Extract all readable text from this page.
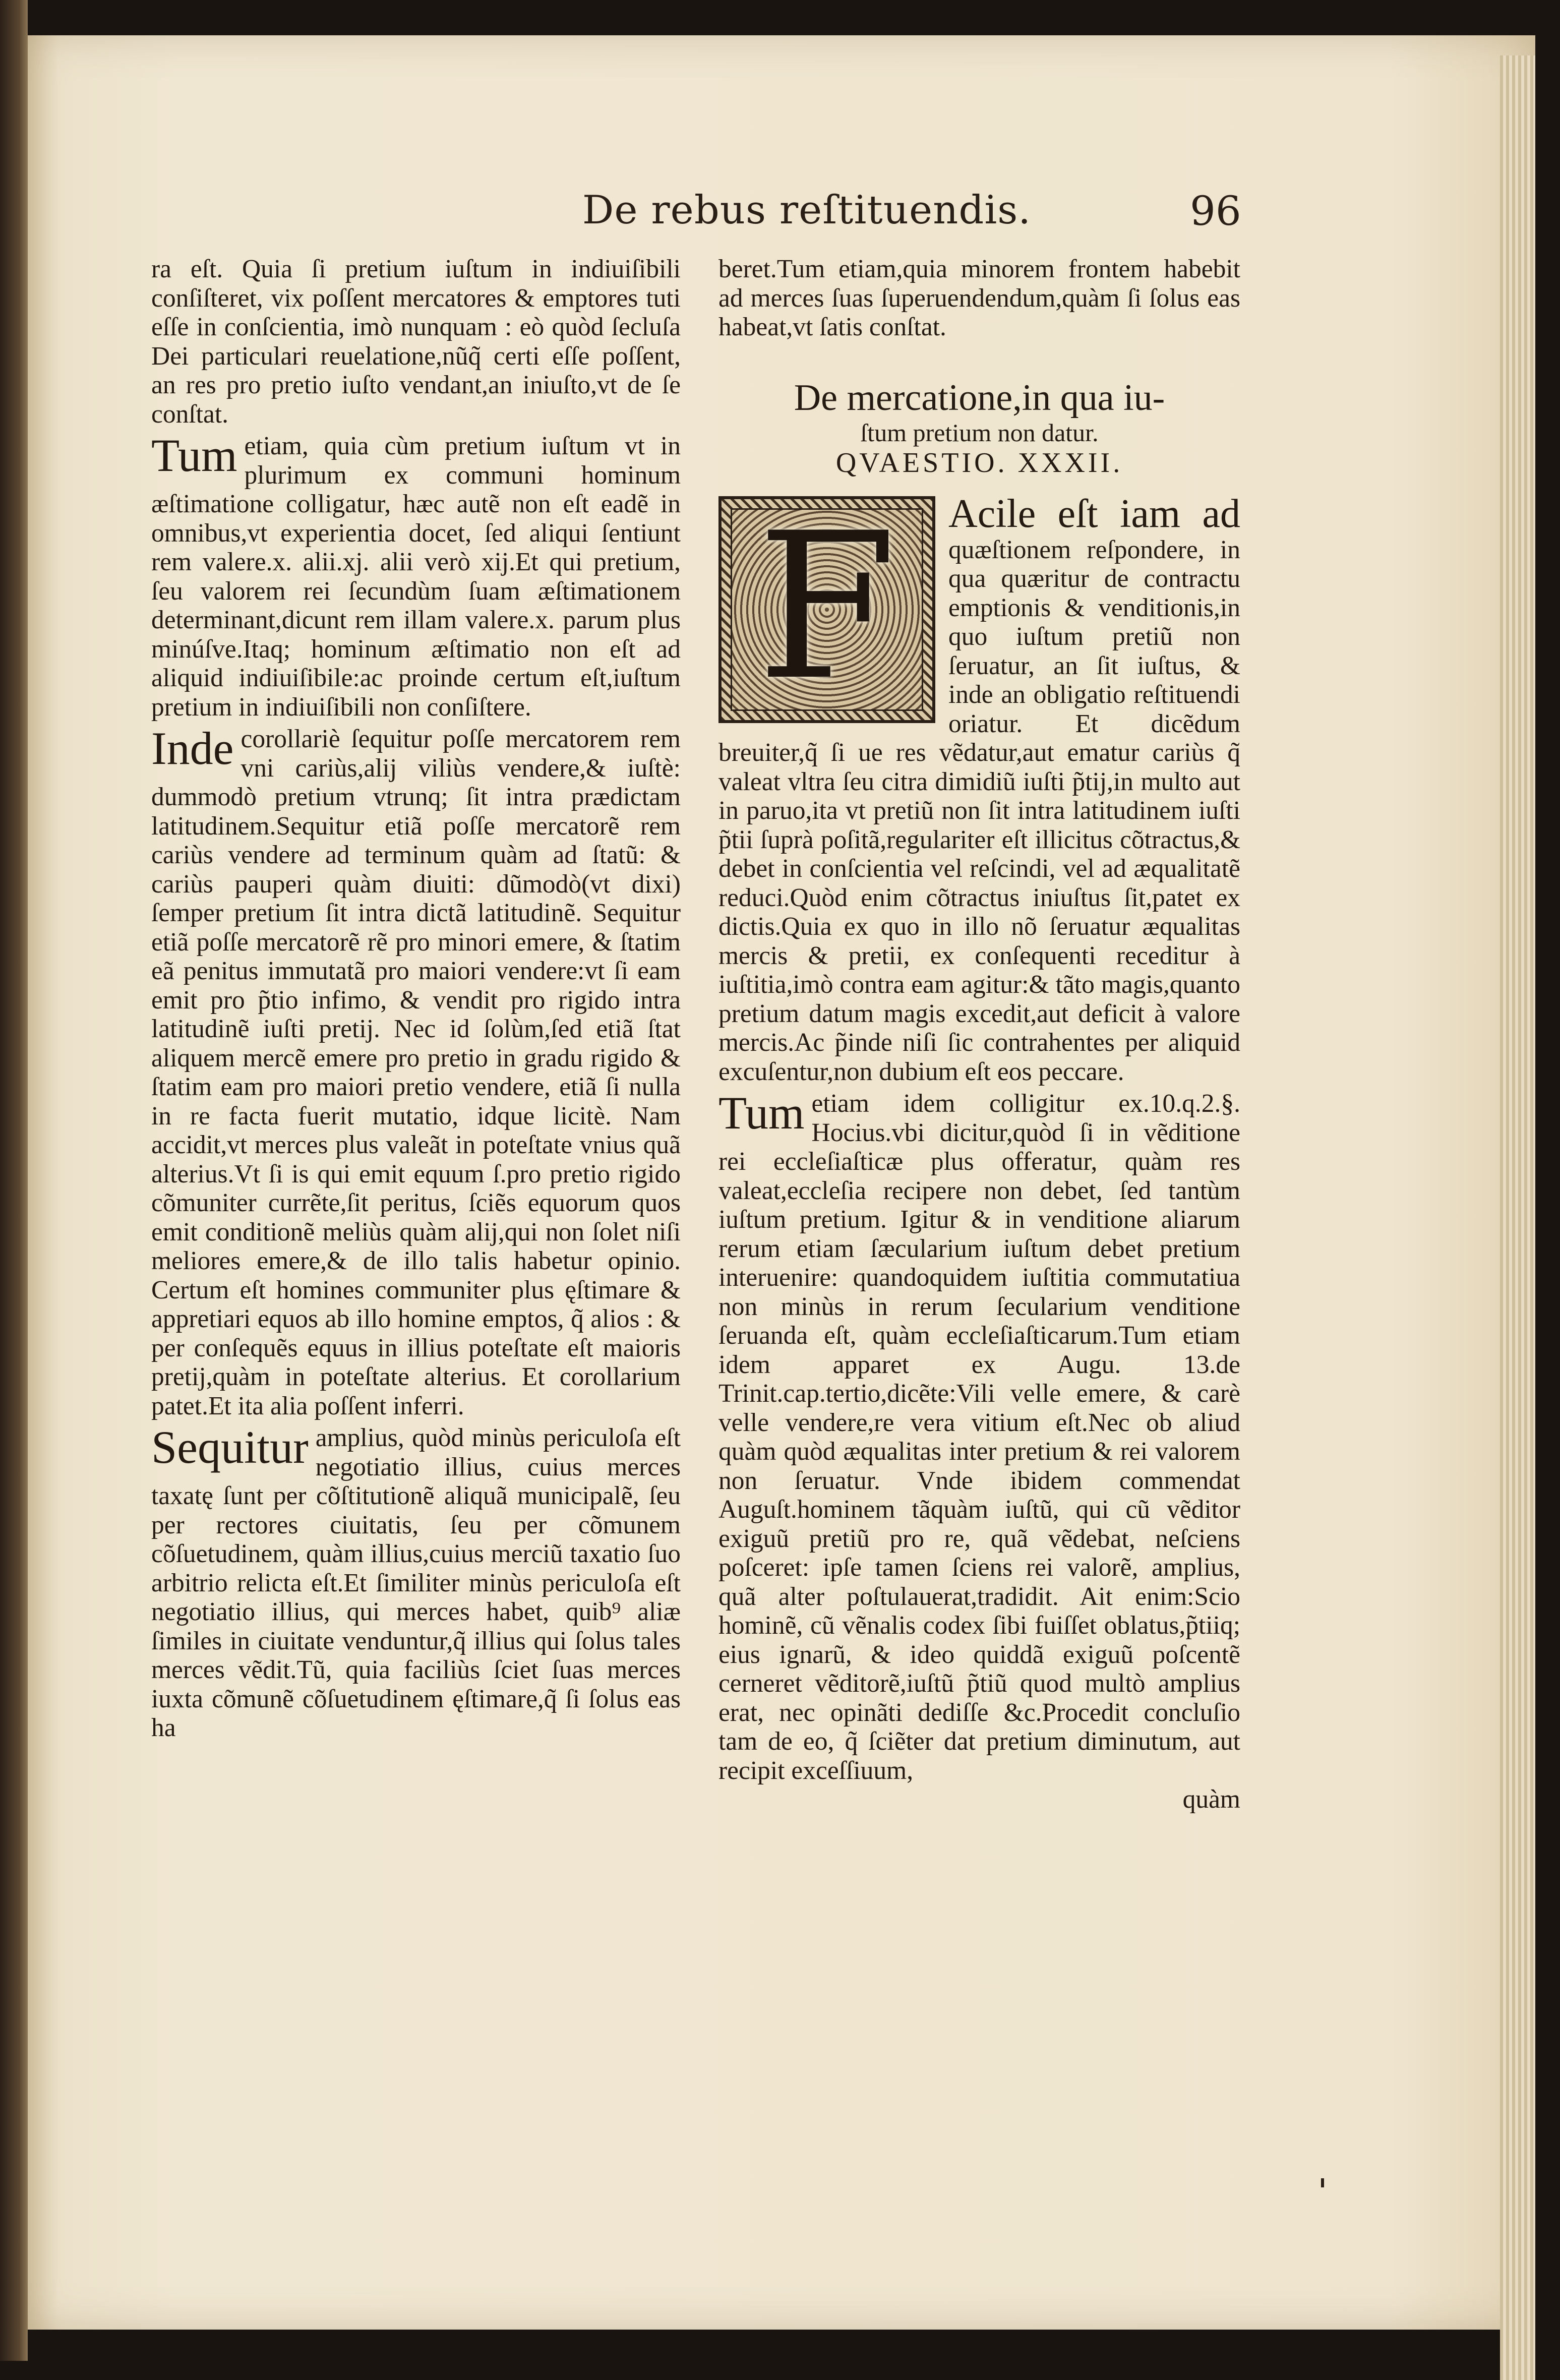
De rebus reſtituendis.	96

ra eſt. Quia ſi pretium iuſtum in indiuiſibili conſiſteret, vix poſſent mercatores & emptores tuti eſſe in conſcientia, imò nunquam : eò quòd ſecluſa Dei particulari reuelatione,nũq̃ certi eſſe poſſent, an res pro pretio iuſto vendant,an iniuſto,vt de ſe conſtat.

Tum etiam, quia cùm pretium iuſtum vt in plurimum ex communi hominum æſtimatione colligatur, hæc autẽ non eſt eadẽ in omnibus,vt experientia docet, ſed aliqui ſentiunt rem valere.x. alii.xj. alii verò xij.Et qui pretium, ſeu valorem rei ſecundùm ſuam æſtimationem determinant,dicunt rem illam valere.x. parum plus minúſve.Itaq; hominum æſtimatio non eſt ad aliquid indiuiſibile:ac proinde certum eſt,iuſtum pretium in indiuiſibili non conſiſtere.

Inde corollariè ſequitur poſſe mercatorem rem vni cariùs,alij viliùs vendere,& iuſtè: dummodò pretium vtrunq; ſit intra prædictam latitudinem.Sequitur etiã poſſe mercatorẽ rem cariùs vendere ad terminum quàm ad ſtatũ: & cariùs pauperi quàm diuiti: dũmodò(vt dixi) ſemper pretium ſit intra dictã latitudinẽ. Sequitur etiã poſſe mercatorẽ rẽ pro minori emere, & ſtatim eã penitus immutatã pro maiori vendere:vt ſi eam emit pro p̃tio infimo, & vendit pro rigido intra latitudinẽ iuſti pretij. Nec id ſolùm,ſed etiã ſtat aliquem mercẽ emere pro pretio in gradu rigido & ſtatim eam pro maiori pretio vendere, etiã ſi nulla in re facta fuerit mutatio, idque licitè. Nam accidit,vt merces plus valeãt in poteſtate vnius quã alterius.Vt ſi is qui emit equum ſ.pro pretio rigido cõmuniter currẽte,ſit peritus, ſciẽs equorum quos emit conditionẽ meliùs quàm alij,qui non ſolet niſi meliores emere,& de illo talis habetur opinio. Certum eſt homines communiter plus ęſtimare & appretiari equos ab illo homine emptos, q̃ alios : & per conſequẽs equus in illius poteſtate eſt maioris pretij,quàm in poteſtate alterius. Et corollarium patet.Et ita alia poſſent inferri.

Sequitur amplius, quòd minùs periculoſa eſt negotiatio illius, cuius merces taxatę ſunt per cõſtitutionẽ aliquã municipalẽ, ſeu per rectores ciuitatis, ſeu per cõmunem cõſuetudinem, quàm illius,cuius merciũ taxatio ſuo arbitrio relicta eſt.Et ſimiliter minùs periculoſa eſt negotiatio illius, qui merces habet, quib⁹ aliæ ſimiles in ciuitate venduntur,q̃ illius qui ſolus tales merces vẽdit.Tũ, quia faciliùs ſciet ſuas merces iuxta cõmunẽ cõſuetudinem ęſtimare,q̃ ſi ſolus eas ha

beret.Tum etiam,quia minorem frontem habebit ad merces ſuas ſuperuendendum,quàm ſi ſolus eas habeat,vt ſatis conſtat.

De mercatione,in qua iu-
ſtum pretium non datur.
QVAESTIO. XXXII.
F	Acile eſt iam ad quæſtionem reſpondere, in qua quæritur de contractu emptionis & venditionis,in quo iuſtum pretiũ non ſeruatur, an ſit iuſtus, & inde an obligatio reſtituendi oriatur. Et dicẽdum breuiter,q̃ ſi ue res vẽdatur,aut ematur cariùs q̃ valeat vltra ſeu citra dimidiũ iuſti p̃tij,in multo aut in paruo,ita vt pretiũ non ſit intra latitudinem iuſti p̃tii ſuprà poſitã,regulariter eſt illicitus cõtractus,& debet in conſcientia vel reſcindi, vel ad æqualitatẽ reduci.Quòd enim cõtractus iniuſtus ſit,patet ex dictis.Quia ex quo in illo nõ ſeruatur æqualitas mercis & pretii, ex conſequenti receditur à iuſtitia,imò contra eam agitur:& tãto magis,quanto pretium datum magis excedit,aut deficit à valore mercis.Ac p̃inde niſi ſic contrahentes per aliquid excuſentur,non dubium eſt eos peccare.

Tum etiam idem colligitur ex.10.q.2.§. Hocius.vbi dicitur,quòd ſi in vẽditione rei eccleſiaſticæ plus offeratur, quàm res valeat,eccleſia recipere non debet, ſed tantùm iuſtum pretium. Igitur & in venditione aliarum rerum etiam ſæcularium iuſtum debet pretium interuenire: quandoquidem iuſtitia commutatiua non minùs in rerum ſecularium venditione ſeruanda eſt, quàm eccleſiaſticarum.Tum etiam idem apparet ex Augu. 13.de Trinit.cap.tertio,dicẽte:Vili velle emere, & carè velle vendere,re vera vitium eſt.Nec ob aliud quàm quòd æqualitas inter pretium & rei valorem non ſeruatur. Vnde ibidem commendat Auguſt.hominem tãquàm iuſtũ, qui cũ vẽditor exiguũ pretiũ pro re, quã vẽdebat, neſciens poſceret: ipſe tamen ſciens rei valorẽ, amplius, quã alter poſtulauerat,tradidit. Ait enim:Scio hominẽ, cũ vẽnalis codex ſibi fuiſſet oblatus,p̃tiiq; eius ignarũ, & ideo quiddã exiguũ poſcentẽ cerneret vẽditorẽ,iuſtũ p̃tiũ quod multò amplius erat, nec opinãti dediſſe &c.Procedit concluſio tam de eo, q̃ ſciẽter dat pretium diminutum, aut recipit exceſſiuum,

quàm
